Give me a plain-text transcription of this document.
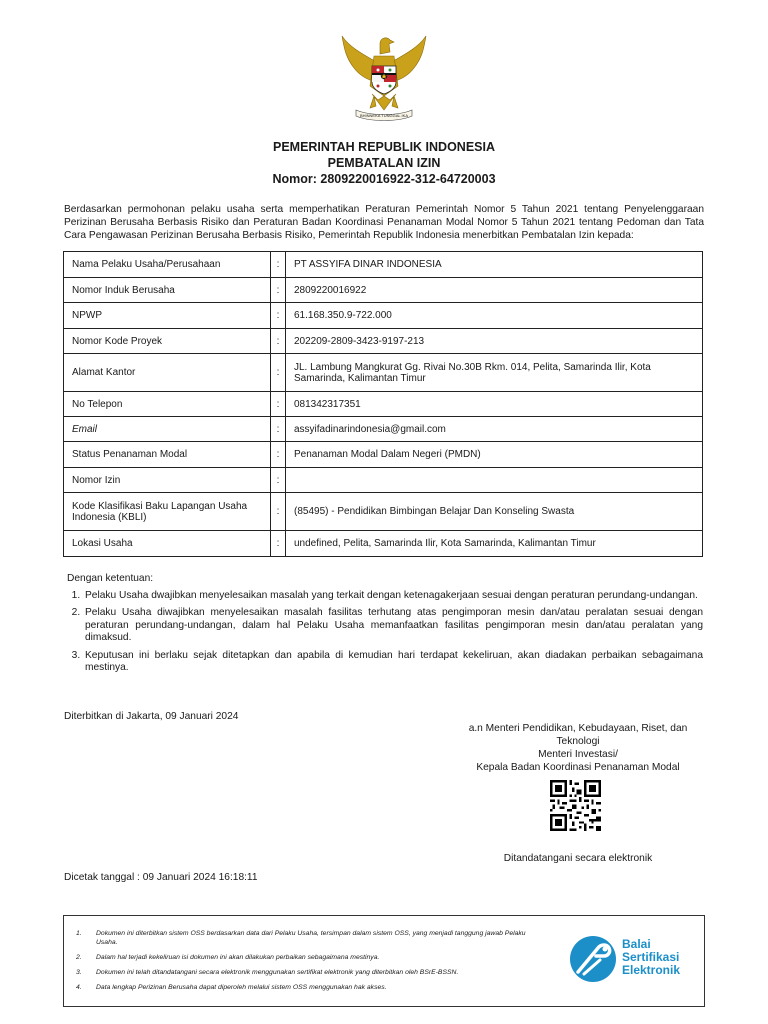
BHINNEKA TUNGGAL IKA
PEMERINTAH REPUBLIK INDONESIA
PEMBATALAN IZIN
Nomor: 2809220016922-312-64720003
Berdasarkan permohonan pelaku usaha serta memperhatikan Peraturan Pemerintah Nomor 5 Tahun 2021 tentang Penyelenggaraan Perizinan Berusaha Berbasis Risiko dan Peraturan Badan Koordinasi Penanaman Modal Nomor 5 Tahun 2021 tentang Pedoman dan Tata Cara Pengawasan Perizinan Berusaha Berbasis Risiko, Pemerintah Republik Indonesia menerbitkan Pembatalan Izin kepada:
Nama Pelaku Usaha/Perusahaan	:	PT ASSYIFA DINAR INDONESIA
Nomor Induk Berusaha	:	2809220016922
NPWP	:	61.168.350.9-722.000
Nomor Kode Proyek	:	202209-2809-3423-9197-213
Alamat Kantor	:	JL. Lambung Mangkurat Gg. Rivai No.30B Rkm. 014, Pelita, Samarinda Ilir, Kota Samarinda, Kalimantan Timur
No Telepon	:	081342317351
Email	:	assyifadinarindonesia@gmail.com
Status Penanaman Modal	:	Penanaman Modal Dalam Negeri (PMDN)
Nomor Izin	:	
Kode Klasifikasi Baku Lapangan Usaha Indonesia (KBLI)	:	(85495) - Pendidikan Bimbingan Belajar Dan Konseling Swasta
Lokasi Usaha	:	undefined, Pelita, Samarinda Ilir, Kota Samarinda, Kalimantan Timur
Dengan ketentuan:
1. Pelaku Usaha dwajibkan menyelesaikan masalah yang terkait dengan ketenagakerjaan sesuai dengan peraturan perundang-undangan.
2. Pelaku Usaha diwajibkan menyelesaikan masalah fasilitas terhutang atas pengimporan mesin dan/atau peralatan sesuai dengan peraturan perundang-undangan, dalam hal Pelaku Usaha memanfaatkan fasilitas pengimporan mesin dan/atau peralatan yang dimaksud.
3. Keputusan ini berlaku sejak ditetapkan dan apabila di kemudian hari terdapat kekeliruan, akan diadakan perbaikan sebagaimana mestinya.
Diterbitkan di Jakarta, 09 Januari 2024
a.n Menteri Pendidikan, Kebudayaan, Riset, dan
Teknologi
Menteri Investasi/
Kepala Badan Koordinasi Penanaman Modal
Ditandatangani secara elektronik
Dicetak tanggal : 09 Januari 2024 16:18:11
1.	Dokumen ini diterbitkan sistem OSS berdasarkan data dari Pelaku Usaha, tersimpan dalam sistem OSS, yang menjadi tanggung jawab Pelaku Usaha.
2.	Dalam hal terjadi kekeliruan isi dokumen ini akan dilakukan perbaikan sebagaimana mestinya.
3.	Dokumen ini telah ditandatangani secara elektronik menggunakan sertifikat elektronik yang diterbitkan oleh BSrE-BSSN.
4.	Data lengkap Perizinan Berusaha dapat diperoleh melalui sistem OSS menggunakan hak akses.
Balai
Sertifikasi
Elektronik
